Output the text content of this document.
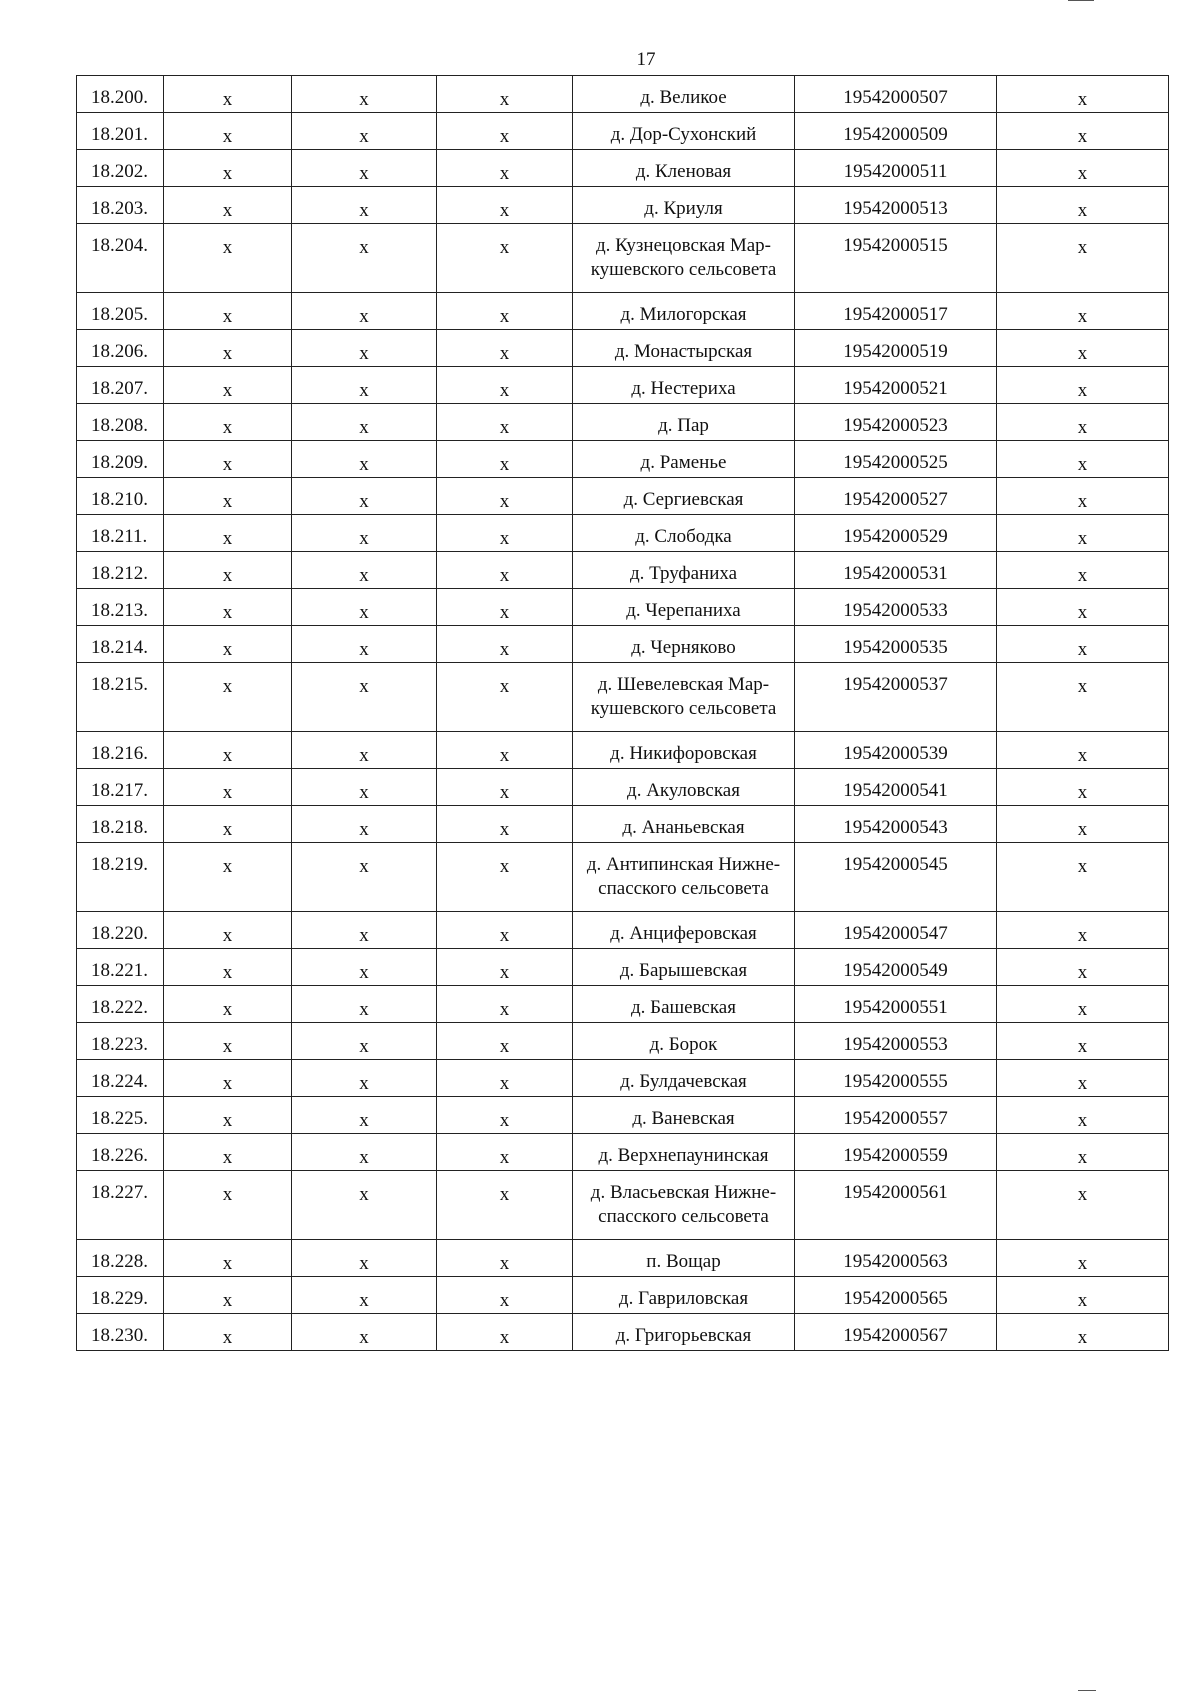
17
18.200.	x	x	x	д. Великое	19542000507	x
18.201.	x	x	x	д. Дор-Сухонский	19542000509	x
18.202.	x	x	x	д. Кленовая	19542000511	x
18.203.	x	x	x	д. Криуля	19542000513	x
18.204.	x	x	x	д. Кузнецовская Мар-
кушевского сельсовета	19542000515	x
18.205.	x	x	x	д. Милогорская	19542000517	x
18.206.	x	x	x	д. Монастырская	19542000519	x
18.207.	x	x	x	д. Нестериха	19542000521	x
18.208.	x	x	x	д. Пар	19542000523	x
18.209.	x	x	x	д. Раменье	19542000525	x
18.210.	x	x	x	д. Сергиевская	19542000527	x
18.211.	x	x	x	д. Слободка	19542000529	x
18.212.	x	x	x	д. Труфаниха	19542000531	x
18.213.	x	x	x	д. Черепаниха	19542000533	x
18.214.	x	x	x	д. Черняково	19542000535	x
18.215.	x	x	x	д. Шевелевская Мар-
кушевского сельсовета	19542000537	x
18.216.	x	x	x	д. Никифоровская	19542000539	x
18.217.	x	x	x	д. Акуловская	19542000541	x
18.218.	x	x	x	д. Ананьевская	19542000543	x
18.219.	x	x	x	д. Антипинская Нижне-
спасского сельсовета	19542000545	x
18.220.	x	x	x	д. Анциферовская	19542000547	x
18.221.	x	x	x	д. Барышевская	19542000549	x
18.222.	x	x	x	д. Башевская	19542000551	x
18.223.	x	x	x	д. Борок	19542000553	x
18.224.	x	x	x	д. Булдачевская	19542000555	x
18.225.	x	x	x	д. Ваневская	19542000557	x
18.226.	x	x	x	д. Верхнепаунинская	19542000559	x
18.227.	x	x	x	д. Власьевская Нижне-
спасского сельсовета	19542000561	x
18.228.	x	x	x	п. Вощар	19542000563	x
18.229.	x	x	x	д. Гавриловская	19542000565	x
18.230.	x	x	x	д. Григорьевская	19542000567	x
